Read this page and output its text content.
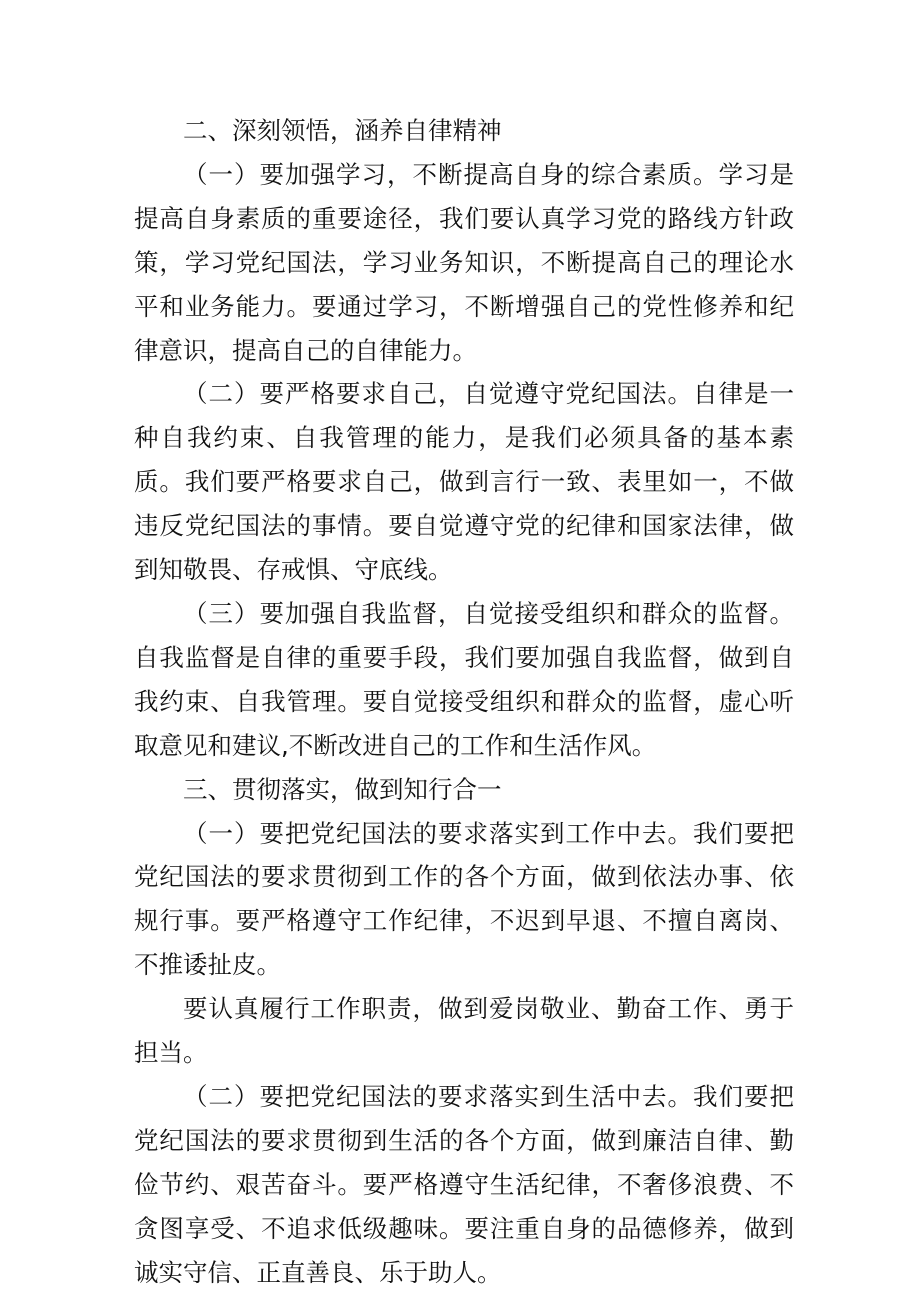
二、深刻领悟，涵养自律精神

（一）要加强学习，不断提高自身的综合素质。学习是提高自身素质的重要途径，我们要认真学习党的路线方针政策，学习党纪国法，学习业务知识，不断提高自己的理论水平和业务能力。要通过学习，不断增强自己的党性修养和纪律意识，提高自己的自律能力。

（二）要严格要求自己，自觉遵守党纪国法。自律是一种自我约束、自我管理的能力，是我们必须具备的基本素质。我们要严格要求自己，做到言行一致、表里如一，不做违反党纪国法的事情。要自觉遵守党的纪律和国家法律，做到知敬畏、存戒惧、守底线。

（三）要加强自我监督，自觉接受组织和群众的监督。自我监督是自律的重要手段，我们要加强自我监督，做到自我约束、自我管理。要自觉接受组织和群众的监督，虚心听取意见和建议,不断改进自己的工作和生活作风。

三、贯彻落实，做到知行合一

（一）要把党纪国法的要求落实到工作中去。我们要把党纪国法的要求贯彻到工作的各个方面，做到依法办事、依规行事。要严格遵守工作纪律，不迟到早退、不擅自离岗、不推诿扯皮。

要认真履行工作职责，做到爱岗敬业、勤奋工作、勇于担当。

（二）要把党纪国法的要求落实到生活中去。我们要把党纪国法的要求贯彻到生活的各个方面，做到廉洁自律、勤俭节约、艰苦奋斗。要严格遵守生活纪律，不奢侈浪费、不贪图享受、不追求低级趣味。要注重自身的品德修养，做到诚实守信、正直善良、乐于助人。
